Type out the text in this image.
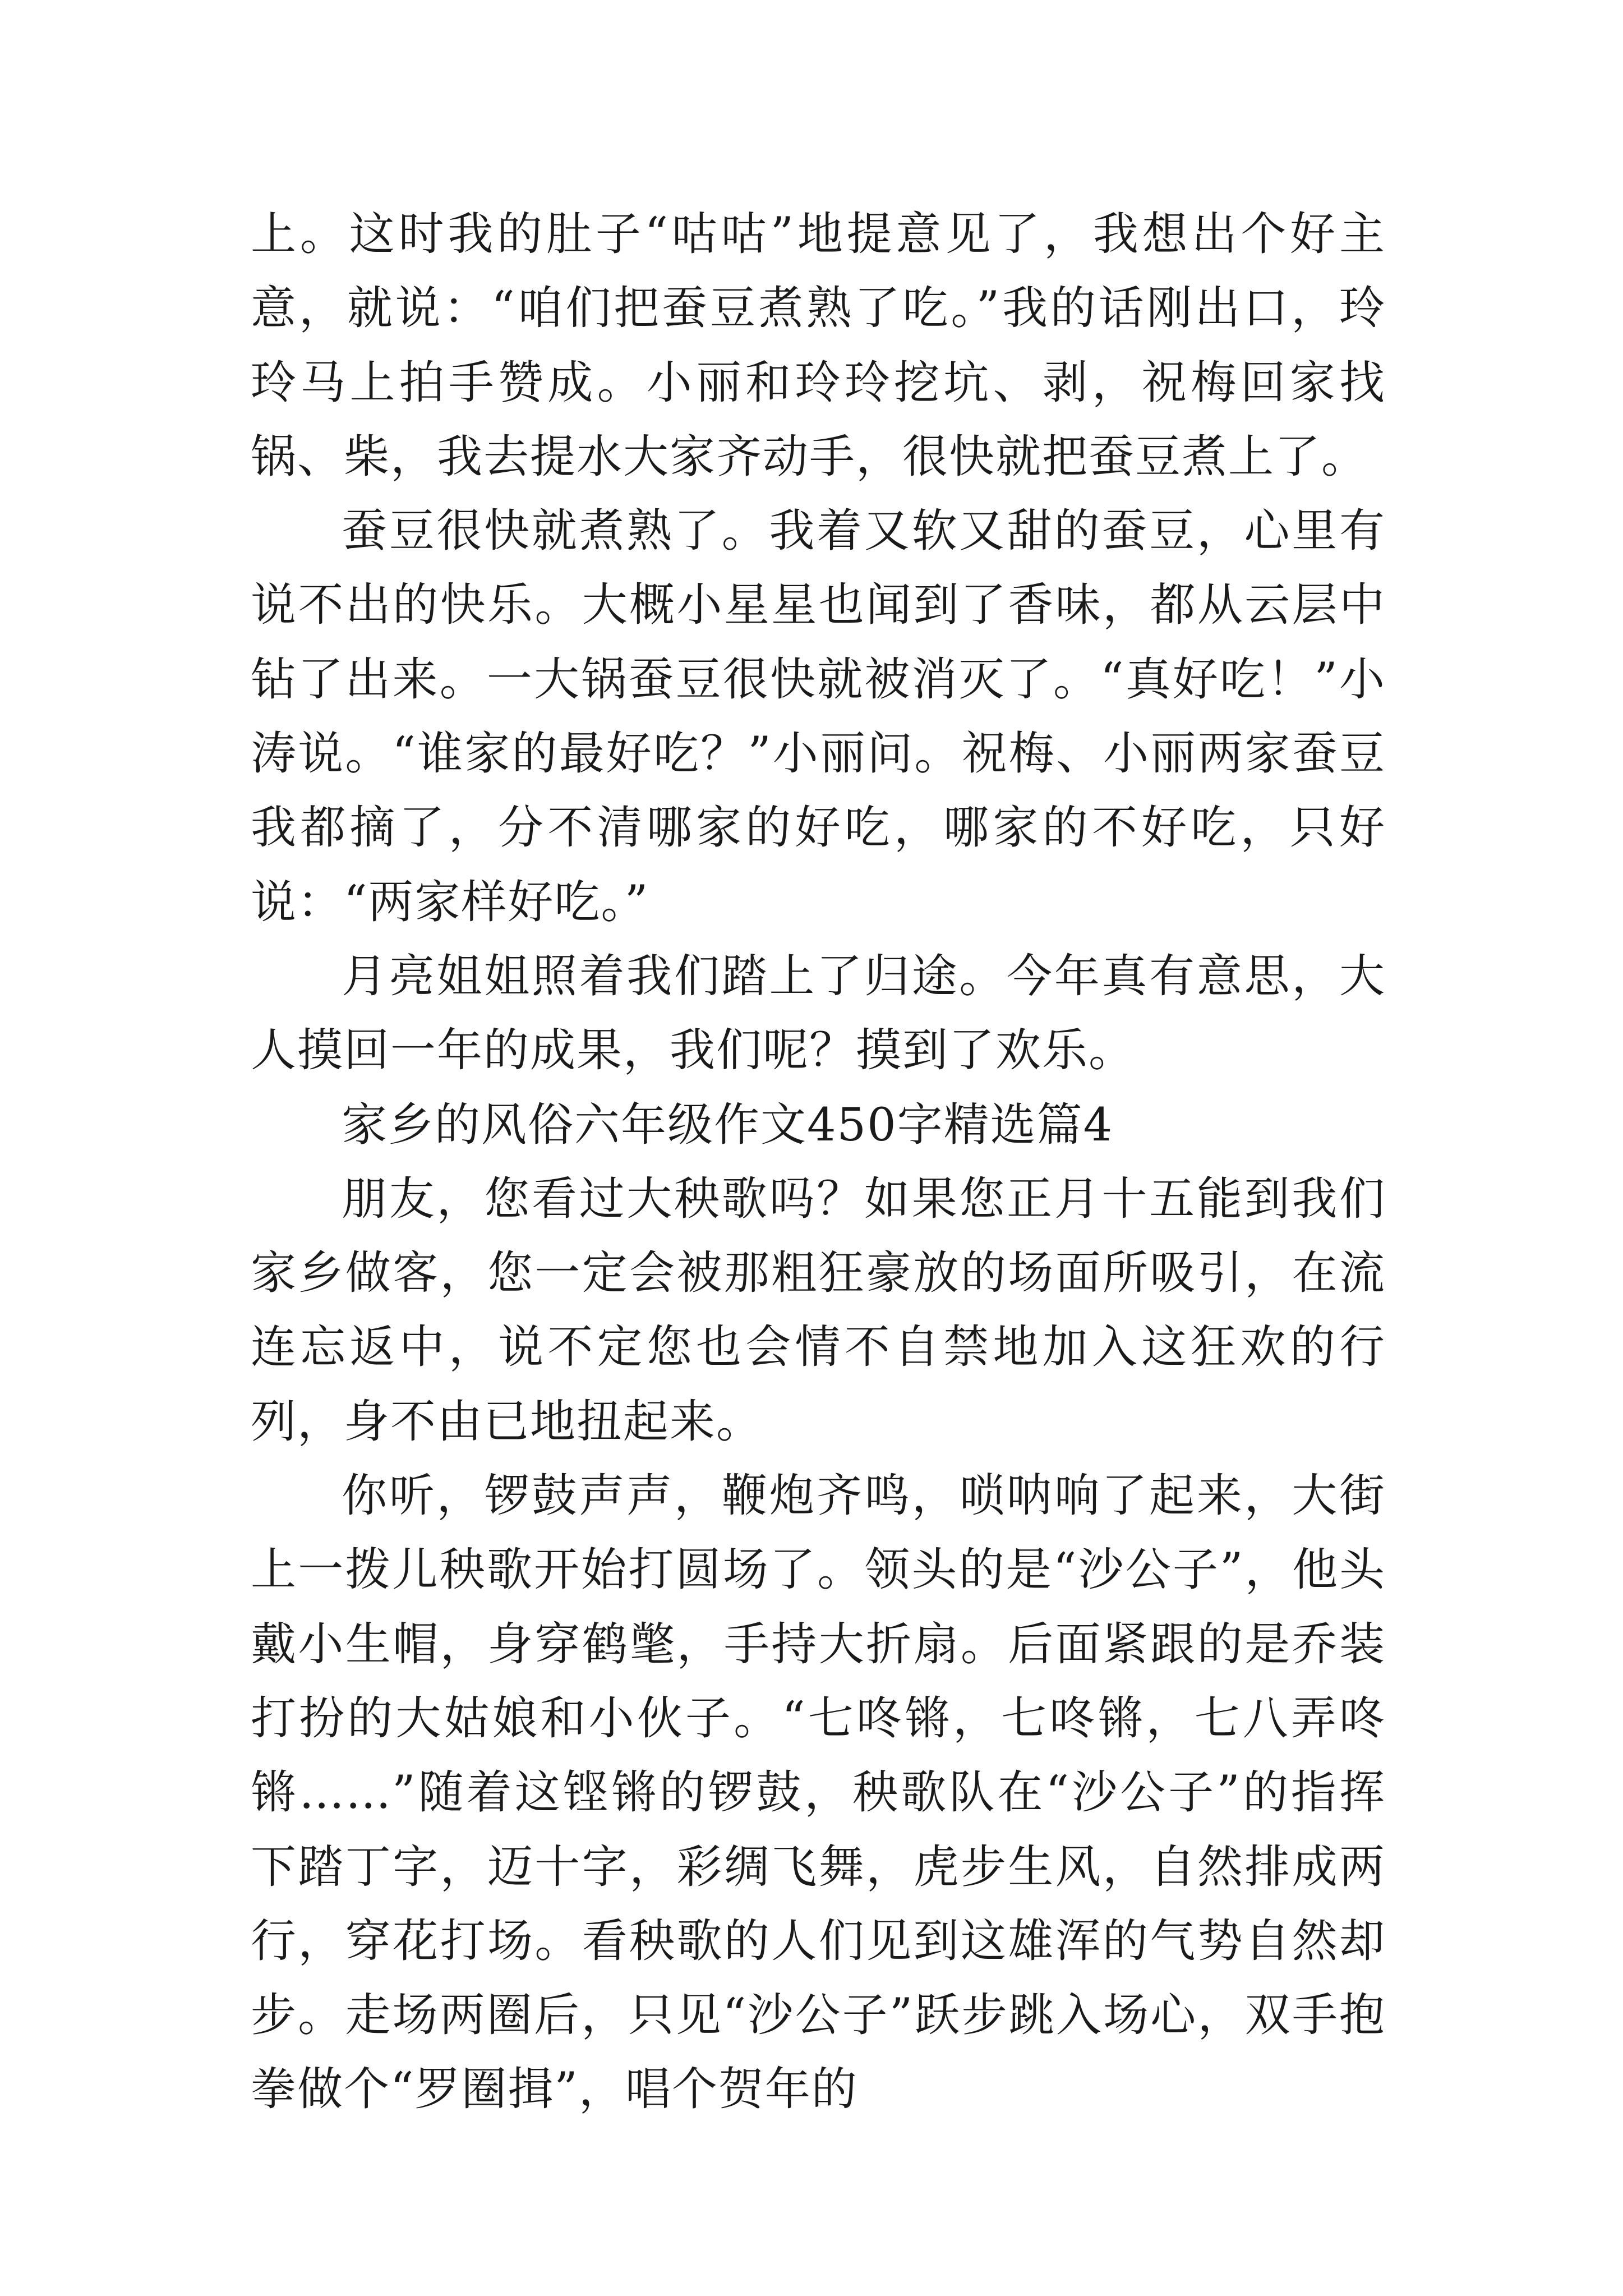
上。这时我的肚子“咕咕”地提意见了，我想出个好主意，就说：“咱们把蚕豆煮熟了吃。”我的话刚出口，玲玲马上拍手赞成。小丽和玲玲挖坑、剥，祝梅回家找锅、柴，我去提水大家齐动手，很快就把蚕豆煮上了。

蚕豆很快就煮熟了。我着又软又甜的蚕豆，心里有说不出的快乐。大概小星星也闻到了香味，都从云层中钻了出来。一大锅蚕豆很快就被消灭了。“真好吃！”小涛说。“谁家的最好吃？”小丽问。祝梅、小丽两家蚕豆我都摘了，分不清哪家的好吃，哪家的不好吃，只好说：“两家样好吃。”

月亮姐姐照着我们踏上了归途。今年真有意思，大人摸回一年的成果，我们呢？摸到了欢乐。

家乡的风俗六年级作文450字精选篇4

朋友，您看过大秧歌吗？如果您正月十五能到我们家乡做客，您一定会被那粗狂豪放的场面所吸引，在流连忘返中，说不定您也会情不自禁地加入这狂欢的行列，身不由已地扭起来。

你听，锣鼓声声，鞭炮齐鸣，唢呐响了起来，大街上一拨儿秧歌开始打圆场了。领头的是“沙公子”，他头戴小生帽，身穿鹤氅，手持大折扇。后面紧跟的是乔装打扮的大姑娘和小伙子。“七咚锵，七咚锵，七八弄咚锵……”随着这铿锵的锣鼓，秧歌队在“沙公子”的指挥下踏丁字，迈十字，彩绸飞舞，虎步生风，自然排成两行，穿花打场。看秧歌的人们见到这雄浑的气势自然却步。走场两圈后，只见“沙公子”跃步跳入场心，双手抱拳做个“罗圈揖”，唱个贺年的
